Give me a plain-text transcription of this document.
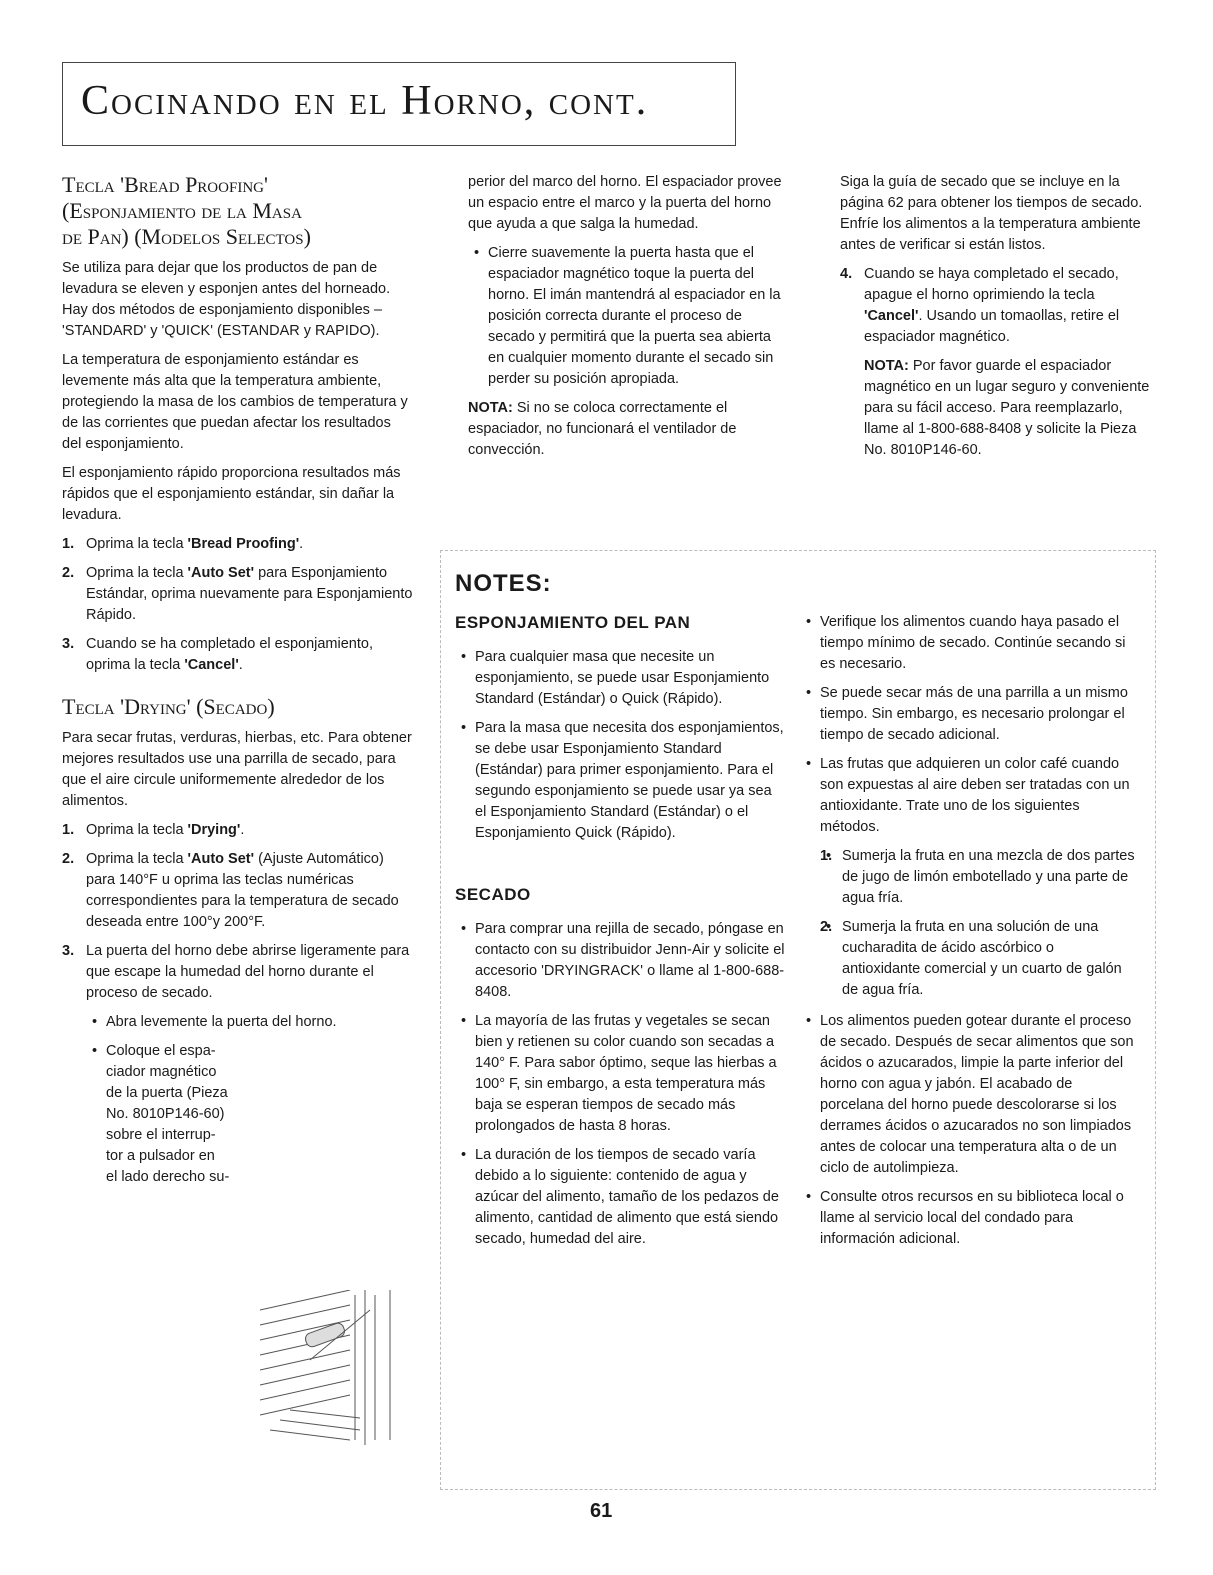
Cocinando en el Horno, cont.
Tecla 'Bread Proofing'
(Esponjamiento de la Masa
de Pan) (Modelos Selectos)

Se utiliza para dejar que los productos de pan de levadura se eleven y esponjen antes del horneado. Hay dos métodos de esponjamiento disponibles – 'STANDARD' y 'QUICK' (ESTANDAR y RAPIDO).

La temperatura de esponjamiento estándar es levemente más alta que la temperatura ambiente, protegiendo la masa de los cambios de temperatura y de las corrientes que puedan afectar los resultados del esponjamiento.

El esponjamiento rápido proporciona resultados más rápidos que el esponjamiento estándar, sin dañar la levadura.

1. Oprima la tecla 'Bread Proofing'.
2. Oprima la tecla 'Auto Set' para Esponjamiento Estándar, oprima nuevamente para Esponjamiento Rápido.
3. Cuando se ha completado el esponjamiento, oprima la tecla 'Cancel'.
Tecla 'Drying' (Secado)

Para secar frutas, verduras, hierbas, etc. Para obtener mejores resultados use una parrilla de secado, para que el aire circule uniformemente alrededor de los alimentos.

1. Oprima la tecla 'Drying'.
2. Oprima la tecla 'Auto Set' (Ajuste Automático) para 140°F u oprima las teclas numéricas correspondientes para la temperatura de secado deseada entre 100°y 200°F.
3. La puerta del horno debe abrirse ligeramente para que escape la humedad del horno durante el proceso de secado.
• Abra levemente la puerta del horno.
• Coloque el espa-
ciador magnético
de la puerta (Pieza
No. 8010P146-60)
sobre el interrup-
tor a pulsador en
el lado derecho su-

perior del marco del horno. El espaciador provee un espacio entre el marco y la puerta del horno que ayuda a que salga la humedad.

• Cierre suavemente la puerta hasta que el espaciador magnético toque la puerta del horno. El imán mantendrá al espaciador en la posición correcta durante el proceso de secado y permitirá que la puerta sea abierta en cualquier momento durante el secado sin perder su posición apropiada.

NOTA: Si no se coloca correctamente el espaciador, no funcionará el ventilador de convección.

Siga la guía de secado que se incluye en la página 62 para obtener los tiempos de secado. Enfríe los alimentos a la temperatura ambiente antes de verificar si están listos.

4. Cuando se haya completado el secado, apague el horno oprimiendo la tecla 'Cancel'. Usando un tomaollas, retire el espaciador magnético.

NOTA: Por favor guarde el espaciador magnético en un lugar seguro y conveniente para su fácil acceso. Para reemplazarlo, llame al 1-800-688-8408 y solicite la Pieza No. 8010P146-60.

NOTES:
ESPONJAMIENTO DEL PAN
• Para cualquier masa que necesite un esponjamiento, se puede usar Esponjamiento Standard (Estándar) o Quick (Rápido).
• Para la masa que necesita dos esponjamientos, se debe usar Esponjamiento Standard (Estándar) para primer esponjamiento. Para el segundo esponjamiento se puede usar ya sea el Esponjamiento Standard (Estándar) o el Esponjamiento Quick (Rápido).
SECADO
• Para comprar una rejilla de secado, póngase en contacto con su distribuidor Jenn-Air y solicite el accesorio 'DRYINGRACK' o llame al 1-800-688-8408.
• La mayoría de las frutas y vegetales se secan bien y retienen su color cuando son secadas a 140° F. Para sabor óptimo, seque las hierbas a 100° F, sin embargo, a esta temperatura más baja se esperan tiempos de secado más prolongados de hasta 8 horas.
• La duración de los tiempos de secado varía debido a lo siguiente: contenido de agua y azúcar del alimento, tamaño de los pedazos de alimento, cantidad de alimento que está siendo secado, humedad del aire.
• Verifique los alimentos cuando haya pasado el tiempo mínimo de secado. Continúe secando si es necesario.
• Se puede secar más de una parrilla a un mismo tiempo. Sin embargo, es necesario prolongar el tiempo de secado adicional.
• Las frutas que adquieren un color café cuando son expuestas al aire deben ser tratadas con un antioxidante. Trate uno de los siguientes métodos.
• 1. Sumerja la fruta en una mezcla de dos partes de jugo de limón embotellado y una parte de agua fría.
• 2. Sumerja la fruta en una solución de una cucharadita de ácido ascórbico o antioxidante comercial y un cuarto de galón de agua fría.
• Los alimentos pueden gotear durante el proceso de secado. Después de secar alimentos que son ácidos o azucarados, limpie la parte inferior del horno con agua y jabón. El acabado de porcelana del horno puede descolorarse si los derrames ácidos o azucarados no son limpiados antes de colocar una temperatura alta o de un ciclo de autolimpieza.
• Consulte otros recursos en su biblioteca local o llame al servicio local del condado para información adicional.
61
